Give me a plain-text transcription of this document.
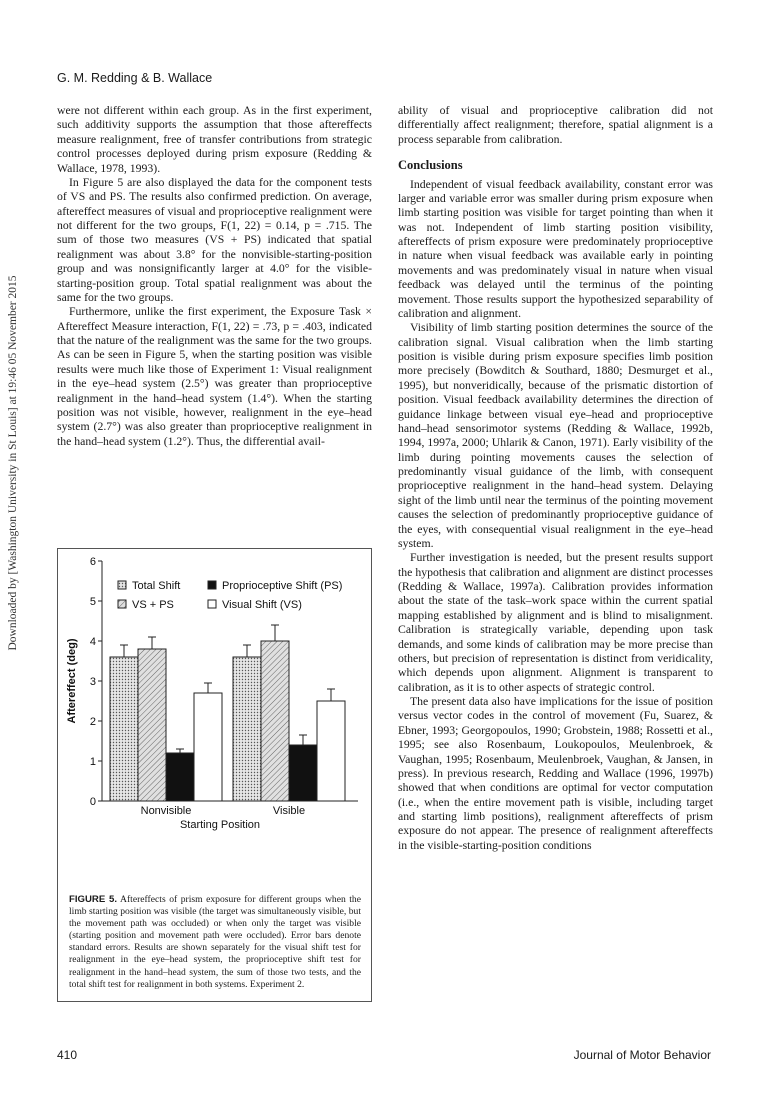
G. M. Redding & B. Wallace
Downloaded by [Washington University in St Louis] at 19:46 05 November 2015

were not different within each group. As in the first experiment, such additivity supports the assumption that those aftereffects measure realignment, free of transfer contributions from strategic control processes deployed during prism exposure (Redding & Wallace, 1978, 1993).

In Figure 5 are also displayed the data for the component tests of VS and PS. The results also confirmed prediction. On average, aftereffect measures of visual and proprioceptive realignment were not different for the two groups, F(1, 22) = 0.14, p = .715. The sum of those two measures (VS + PS) indicated that spatial realignment was about 3.8° for the nonvisible-starting-position group and was nonsignificantly larger at 4.0° for the visible-starting-position group. Total spatial realignment was about the same for the two groups.

Furthermore, unlike the first experiment, the Exposure Task × Aftereffect Measure interaction, F(1, 22) = .73, p = .403, indicated that the nature of the realignment was the same for the two groups. As can be seen in Figure 5, when the starting position was visible results were much like those of Experiment 1: Visual realignment in the eye–head system (2.5°) was greater than proprioceptive realignment in the hand–head system (1.4°). When the starting position was not visible, however, realignment in the eye–head system (2.7°) was also greater than proprioceptive realignment in the hand–head system (1.2°). Thus, the differential avail-

0
1
2
3
4
5
6
Aftereffect (deg)
Nonvisible	Visible
Starting Position
Total Shift	Proprioceptive Shift (PS)
VS + PS	Visual Shift (VS)
FIGURE 5. Aftereffects of prism exposure for different groups when the limb starting position was visible (the target was simultaneously visible, but the movement path was occluded) or when only the target was visible (starting position and movement path were occluded). Error bars denote standard errors. Results are shown separately for the visual shift test for realignment in the eye–head system, the proprioceptive shift test for realignment in the hand–head system, the sum of those two tests, and the total shift test for realignment in both systems. Experiment 2.

ability of visual and proprioceptive calibration did not differentially affect realignment; therefore, spatial alignment is a process separable from calibration.

Conclusions

Independent of visual feedback availability, constant error was larger and variable error was smaller during prism exposure when limb starting position was visible for target pointing than when it was not. Independent of limb starting position visibility, aftereffects of prism exposure were predominately proprioceptive in nature when visual feedback was available early in pointing movements and was predominately visual in nature when visual feedback was delayed until the terminus of the pointing movement. Those results support the hypothesized separability of calibration and alignment.

Visibility of limb starting position determines the source of the calibration signal. Visual calibration when the limb starting position is visible during prism exposure specifies limb position more precisely (Bowditch & Southard, 1880; Desmurget et al., 1995), but nonveridically, because of the prismatic distortion of position. Visual feedback availability determines the direction of guidance linkage between visual eye–head and proprioceptive hand–head sensorimotor systems (Redding & Wallace, 1992b, 1994, 1997a, 2000; Uhlarik & Canon, 1971). Early visibility of the limb during pointing movements causes the selection of predominantly visual guidance of the limb, with consequent proprioceptive realignment in the hand–head system. Delaying sight of the limb until near the terminus of the pointing movement causes the selection of predominantly proprioceptive guidance of the eyes, with consequential visual realignment in the eye–head system.

Further investigation is needed, but the present results support the hypothesis that calibration and alignment are distinct processes (Redding & Wallace, 1997a). Calibration provides information about the state of the task–work space within the current spatial mapping established by alignment and is blind to misalignment. Calibration is strategically variable, depending upon task demands, and some kinds of calibration may be more precise than others, but precision of representation is distinct from veridicality, which depends upon alignment. Alignment is transparent to calibration, as it is to other aspects of strategic control.

The present data also have implications for the issue of position versus vector codes in the control of movement (Fu, Suarez, & Ebner, 1993; Georgopoulos, 1990; Grobstein, 1988; Rossetti et al., 1995; see also Rosenbaum, Loukopoulos, Meulenbroek, & Vaughan, 1995; Rosenbaum, Meulenbroek, Vaughan, & Jansen, in press). In previous research, Redding and Wallace (1996, 1997b) showed that when conditions are optimal for vector computation (i.e., when the entire movement path is visible, including target and starting limb positions), realignment aftereffects of prism exposure do not appear. The presence of realignment aftereffects in the visible-starting-position conditions

410	Journal of Motor Behavior
